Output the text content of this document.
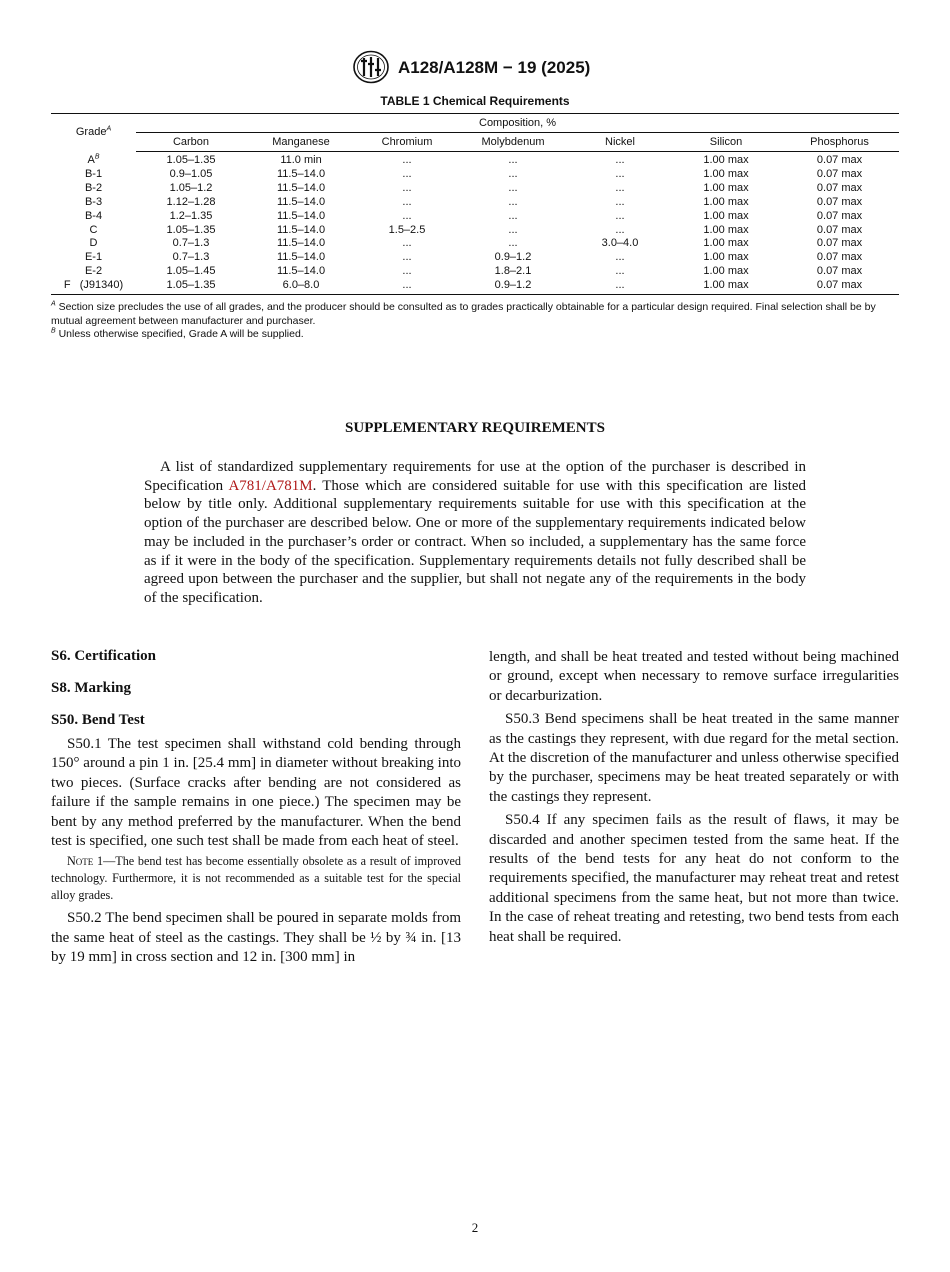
A128/A128M − 19 (2025)
TABLE 1 Chemical Requirements
Grade$^A$	Composition, %						
	Carbon	Manganese	Chromium	Molybdenum	Nickel	Silicon	Phosphorus
$A^B$	1.05–1.35	11.0 min	...	...	...	1.00 max	0.07 max
B-1	0.9–1.05	11.5–14.0	...	...	...	1.00 max	0.07 max
B-2	1.05–1.2	11.5–14.0	...	...	...	1.00 max	0.07 max
B-3	1.12–1.28	11.5–14.0	...	...	...	1.00 max	0.07 max
B-4	1.2–1.35	11.5–14.0	...	...	...	1.00 max	0.07 max
C	1.05–1.35	11.5–14.0	1.5–2.5	...	...	1.00 max	0.07 max
D	0.7–1.3	11.5–14.0	...	...	3.0–4.0	1.00 max	0.07 max
E-1	0.7–1.3	11.5–14.0	...	0.9–1.2	...	1.00 max	0.07 max
E-2	1.05–1.45	11.5–14.0	...	1.8–2.1	...	1.00 max	0.07 max
F   (J91340)	1.05–1.35	6.0–8.0	...	0.9–1.2	...	1.00 max	0.07 max

$^A$ Section size precludes the use of all grades, and the producer should be consulted as to grades practically obtainable for a particular design required. Final selection shall be by mutual agreement between manufacturer and purchaser.

$^B$ Unless otherwise specified, Grade A will be supplied.

SUPPLEMENTARY REQUIREMENTS

A list of standardized supplementary requirements for use at the option of the purchaser is described in Specification A781/A781M. Those which are considered suitable for use with this specification are listed below by title only. Additional supplementary requirements suitable for use with this specification at the option of the purchaser are described below. One or more of the supplementary requirements indicated below may be included in the purchaser’s order or contract. When so included, a supplementary has the same force as if it were in the body of the specification. Supplementary requirements details not fully described shall be agreed upon between the purchaser and the supplier, but shall not negate any of the requirements in the body of the specification.

S6. Certification

S8. Marking

S50. Bend Test

S50.1 The test specimen shall withstand cold bending through 150° around a pin 1 in. [25.4 mm] in diameter without breaking into two pieces. (Surface cracks after bending are not considered as failure if the sample remains in one piece.) The specimen may be bent by any method preferred by the manufacturer. When the bend test is specified, one such test shall be made from each heat of steel.

Note 1—The bend test has become essentially obsolete as a result of improved technology. Furthermore, it is not recommended as a suitable test for the special alloy grades.

S50.2 The bend specimen shall be poured in separate molds from the same heat of steel as the castings. They shall be ½ by ¾ in. [13 by 19 mm] in cross section and 12 in. [300 mm] in

length, and shall be heat treated and tested without being machined or ground, except when necessary to remove surface irregularities or decarburization.

S50.3 Bend specimens shall be heat treated in the same manner as the castings they represent, with due regard for the metal section. At the discretion of the manufacturer and unless otherwise specified by the purchaser, specimens may be heat treated separately or with the castings they represent.

S50.4 If any specimen fails as the result of flaws, it may be discarded and another specimen tested from the same heat. If the results of the bend tests for any heat do not conform to the requirements specified, the manufacturer may reheat treat and retest additional specimens from the same heat, but not more than twice. In the case of reheat treating and retesting, two bend tests from each heat shall be required.

2
